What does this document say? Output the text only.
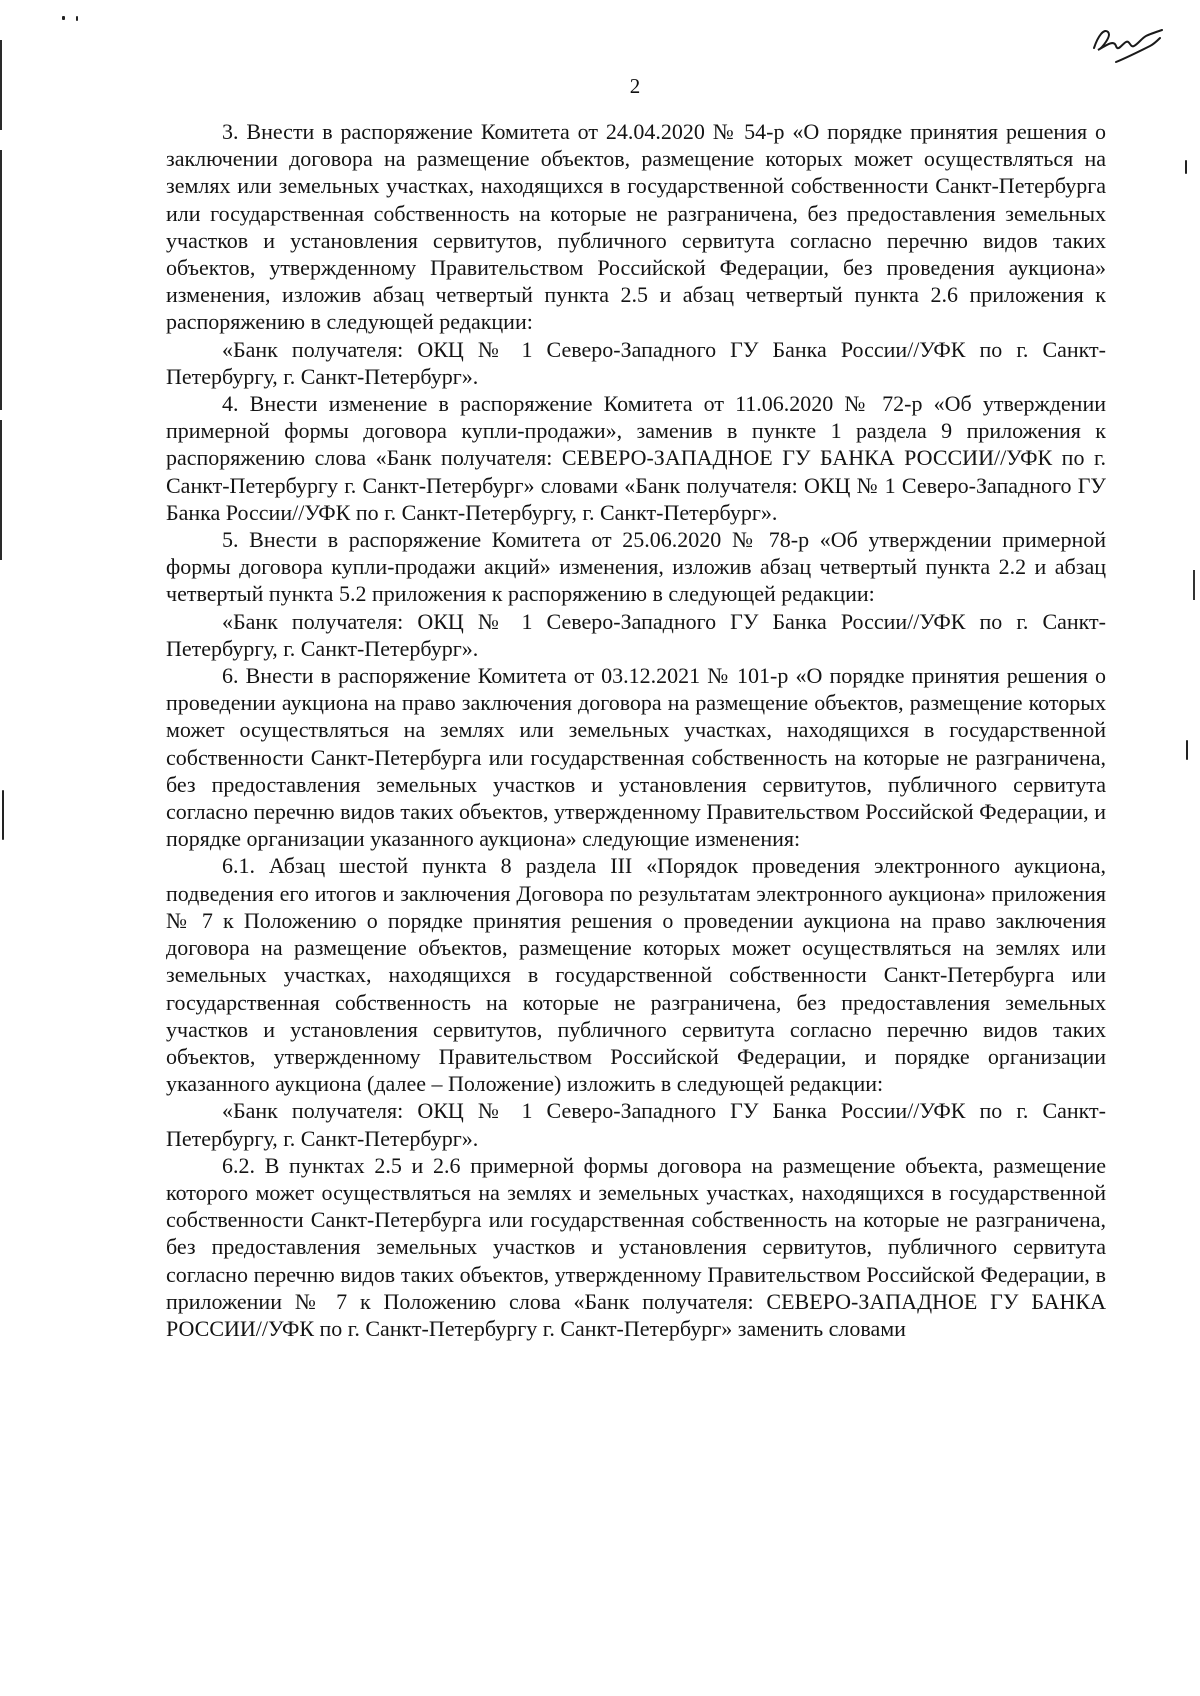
2

3. Внести в распоряжение Комитета от 24.04.2020 № 54-р «О порядке принятия решения о заключении договора на размещение объектов, размещение которых может осуществляться на землях или земельных участках, находящихся в государственной собственности Санкт-Петербурга или государственная собственность на которые не разграничена, без предоставления земельных участков и установления сервитутов, публичного сервитута согласно перечню видов таких объектов, утвержденному Правительством Российской Федерации, без проведения аукциона» изменения, изложив абзац четвертый пункта 2.5 и абзац четвертый пункта 2.6 приложения к распоряжению в следующей редакции:

«Банк получателя: ОКЦ № 1 Северо-Западного ГУ Банка России//УФК по г. Санкт-Петербургу, г. Санкт-Петербург».

4. Внести изменение в распоряжение Комитета от 11.06.2020 № 72-р «Об утверждении примерной формы договора купли-продажи», заменив в пункте 1 раздела 9 приложения к распоряжению слова «Банк получателя: СЕВЕРО-ЗАПАДНОЕ ГУ БАНКА РОССИИ//УФК по г. Санкт-Петербургу г. Санкт-Петербург» словами «Банк получателя: ОКЦ № 1 Северо-Западного ГУ Банка России//УФК по г. Санкт-Петербургу, г. Санкт-Петербург».

5. Внести в распоряжение Комитета от 25.06.2020 № 78-р «Об утверждении примерной формы договора купли-продажи акций» изменения, изложив абзац четвертый пункта 2.2 и абзац четвертый пункта 5.2 приложения к распоряжению в следующей редакции:

«Банк получателя: ОКЦ № 1 Северо-Западного ГУ Банка России//УФК по г. Санкт-Петербургу, г. Санкт-Петербург».

6. Внести в распоряжение Комитета от 03.12.2021 № 101-р «О порядке принятия решения о проведении аукциона на право заключения договора на размещение объектов, размещение которых может осуществляться на землях или земельных участках, находящихся в государственной собственности Санкт-Петербурга или государственная собственность на которые не разграничена, без предоставления земельных участков и установления сервитутов, публичного сервитута согласно перечню видов таких объектов, утвержденному Правительством Российской Федерации, и порядке организации указанного аукциона» следующие изменения:

6.1. Абзац шестой пункта 8 раздела III «Порядок проведения электронного аукциона, подведения его итогов и заключения Договора по результатам электронного аукциона» приложения № 7 к Положению о порядке принятия решения о проведении аукциона на право заключения договора на размещение объектов, размещение которых может осуществляться на землях или земельных участках, находящихся в государственной собственности Санкт-Петербурга или государственная собственность на которые не разграничена, без предоставления земельных участков и установления сервитутов, публичного сервитута согласно перечню видов таких объектов, утвержденному Правительством Российской Федерации, и порядке организации указанного аукциона (далее – Положение) изложить в следующей редакции:

«Банк получателя: ОКЦ № 1 Северо-Западного ГУ Банка России//УФК по г. Санкт-Петербургу, г. Санкт-Петербург».

6.2. В пунктах 2.5 и 2.6 примерной формы договора на размещение объекта, размещение которого может осуществляться на землях и земельных участках, находящихся в государственной собственности Санкт-Петербурга или государственная собственность на которые не разграничена, без предоставления земельных участков и установления сервитутов, публичного сервитута согласно перечню видов таких объектов, утвержденному Правительством Российской Федерации, в приложении № 7 к Положению слова «Банк получателя: СЕВЕРО-ЗАПАДНОЕ ГУ БАНКА РОССИИ//УФК по г. Санкт-Петербургу г. Санкт-Петербург» заменить словами
